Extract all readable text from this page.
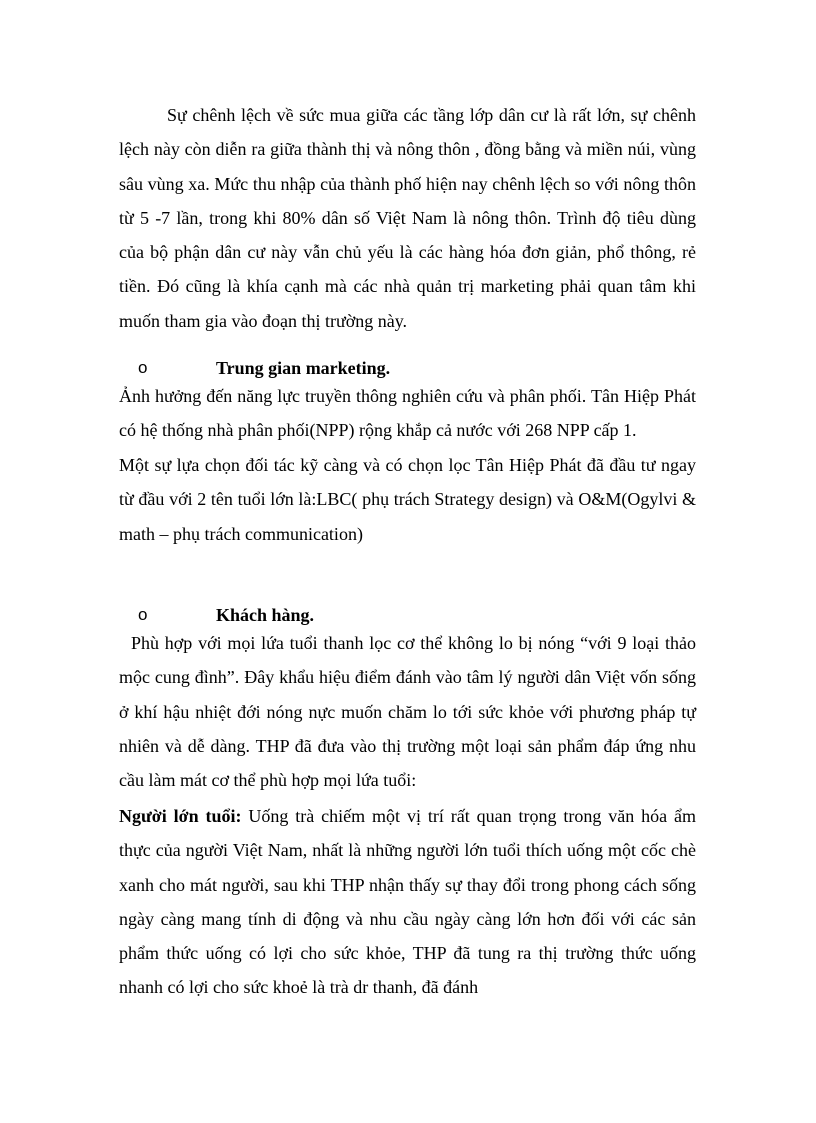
Sự chênh lệch về sức mua giữa các tầng lớp dân cư là rất lớn, sự chênh lệch này còn diễn ra giữa thành thị và nông thôn , đồng bằng và miền núi, vùng sâu vùng xa. Mức thu nhập của thành phố hiện nay chênh lệch so với nông thôn từ 5 -7 lần, trong khi 80% dân số Việt Nam là nông thôn. Trình độ tiêu dùng của bộ phận dân cư này vẫn chủ yếu là các hàng hóa đơn giản, phổ thông, rẻ tiền. Đó cũng là khía cạnh mà các nhà quản trị marketing phải quan tâm khi muốn tham gia vào đoạn thị trường này.

o	Trung gian marketing.

Ảnh hưởng đến năng lực truyền thông nghiên cứu và phân phối. Tân Hiệp Phát có hệ thống nhà phân phối(NPP) rộng khắp cả nước với 268 NPP cấp 1.

Một sự lựa chọn đối tác kỹ càng và có chọn lọc Tân Hiệp Phát đã đầu tư ngay từ đầu với 2 tên tuổi lớn là:LBC( phụ trách Strategy design) và O&M(Ogylvi & math – phụ trách communication)

o	Khách hàng.

Phù hợp với mọi lứa tuổi thanh lọc cơ thể không lo bị nóng “với 9 loại thảo mộc cung đình”. Đây khẩu hiệu điểm đánh vào tâm lý người dân Việt vốn sống ở khí hậu nhiệt đới nóng nực muốn chăm lo tới sức khỏe với phương pháp tự nhiên và dễ dàng. THP đã đưa vào thị trường một loại sản phẩm đáp ứng nhu cầu làm mát cơ thể phù hợp mọi lứa tuổi:

Người lớn tuổi: Uống trà chiếm một vị trí rất quan trọng trong văn hóa ẩm thực của người Việt Nam, nhất là những người lớn tuổi thích uống một cốc chè xanh cho mát người, sau khi THP nhận thấy sự thay đổi trong phong cách sống ngày càng mang tính di động và nhu cầu ngày càng lớn hơn đối với các sản phẩm thức uống có lợi cho sức khỏe, THP đã tung ra thị trường thức uống nhanh có lợi cho sức khoẻ là trà dr thanh, đã đánh
